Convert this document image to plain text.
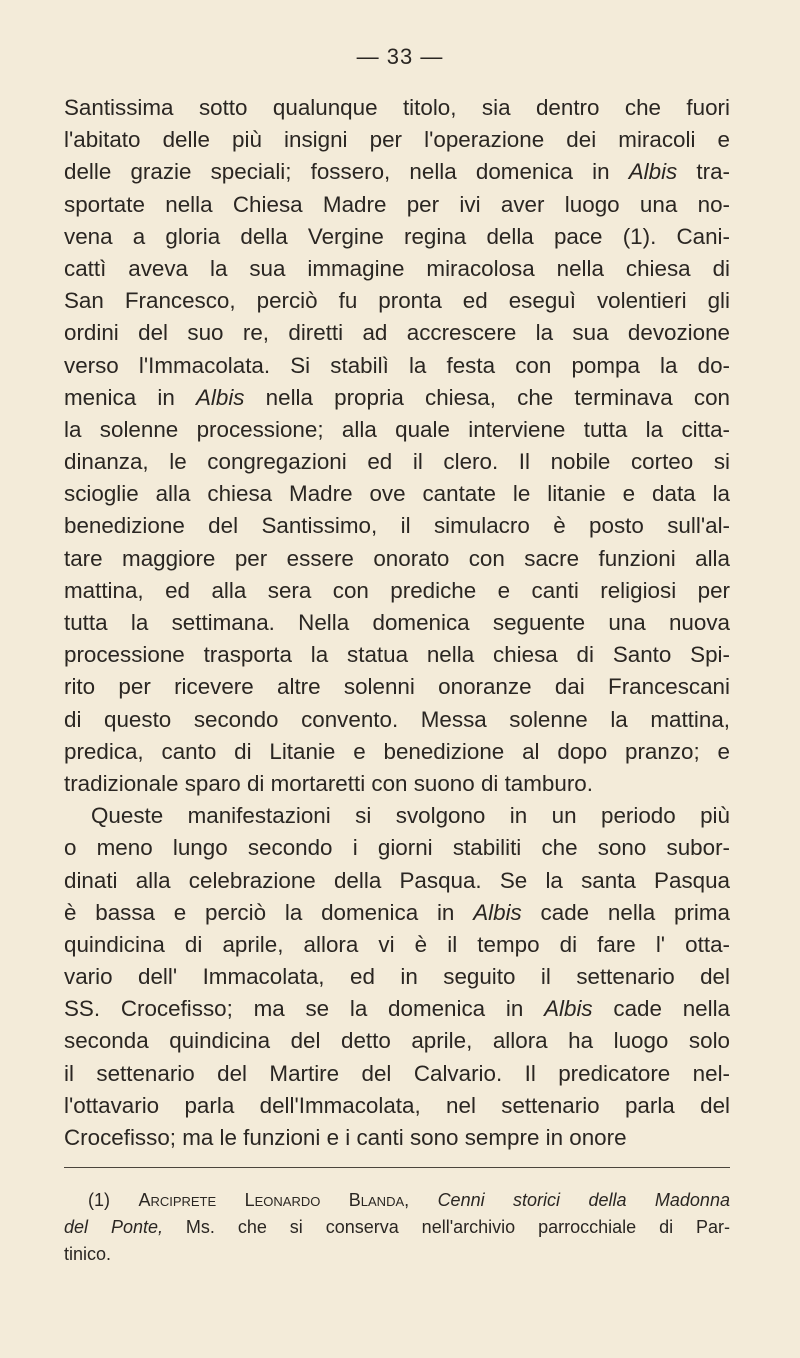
— 33 —
Santissima sotto qualunque titolo, sia dentro che fuori
l'abitato delle più insigni per l'operazione dei miracoli e
delle grazie speciali; fossero, nella domenica in Albis tra-
sportate nella Chiesa Madre per ivi aver luogo una no-
vena a gloria della Vergine regina della pace (1). Cani-
cattì aveva la sua immagine miracolosa nella chiesa di
San Francesco, perciò fu pronta ed eseguì volentieri gli
ordini del suo re, diretti ad accrescere la sua devozione
verso l'Immacolata. Si stabilì la festa con pompa la do-
menica in Albis nella propria chiesa, che terminava con
la solenne processione; alla quale interviene tutta la citta-
dinanza, le congregazioni ed il clero. Il nobile corteo si
scioglie alla chiesa Madre ove cantate le litanie e data la
benedizione del Santissimo, il simulacro è posto sull'al-
tare maggiore per essere onorato con sacre funzioni alla
mattina, ed alla sera con prediche e canti religiosi per
tutta la settimana. Nella domenica seguente una nuova
processione trasporta la statua nella chiesa di Santo Spi-
rito per ricevere altre solenni onoranze dai Francescani
di questo secondo convento. Messa solenne la mattina,
predica, canto di Litanie e benedizione al dopo pranzo; e
tradizionale sparo di mortaretti con suono di tamburo.
Queste manifestazioni si svolgono in un periodo più
o meno lungo secondo i giorni stabiliti che sono subor-
dinati alla celebrazione della Pasqua. Se la santa Pasqua
è bassa e perciò la domenica in Albis cade nella prima
quindicina di aprile, allora vi è il tempo di fare l' otta-
vario dell' Immacolata, ed in seguito il settenario del
SS. Crocefisso; ma se la domenica in Albis cade nella
seconda quindicina del detto aprile, allora ha luogo solo
il settenario del Martire del Calvario. Il predicatore nel-
l'ottavario parla dell'Immacolata, nel settenario parla del
Crocefisso; ma le funzioni e i canti sono sempre in onore
(1) Arciprete Leonardo Blanda, Cenni storici della Madonna
del Ponte, Ms. che si conserva nell'archivio parrocchiale di Par-
tinico.
